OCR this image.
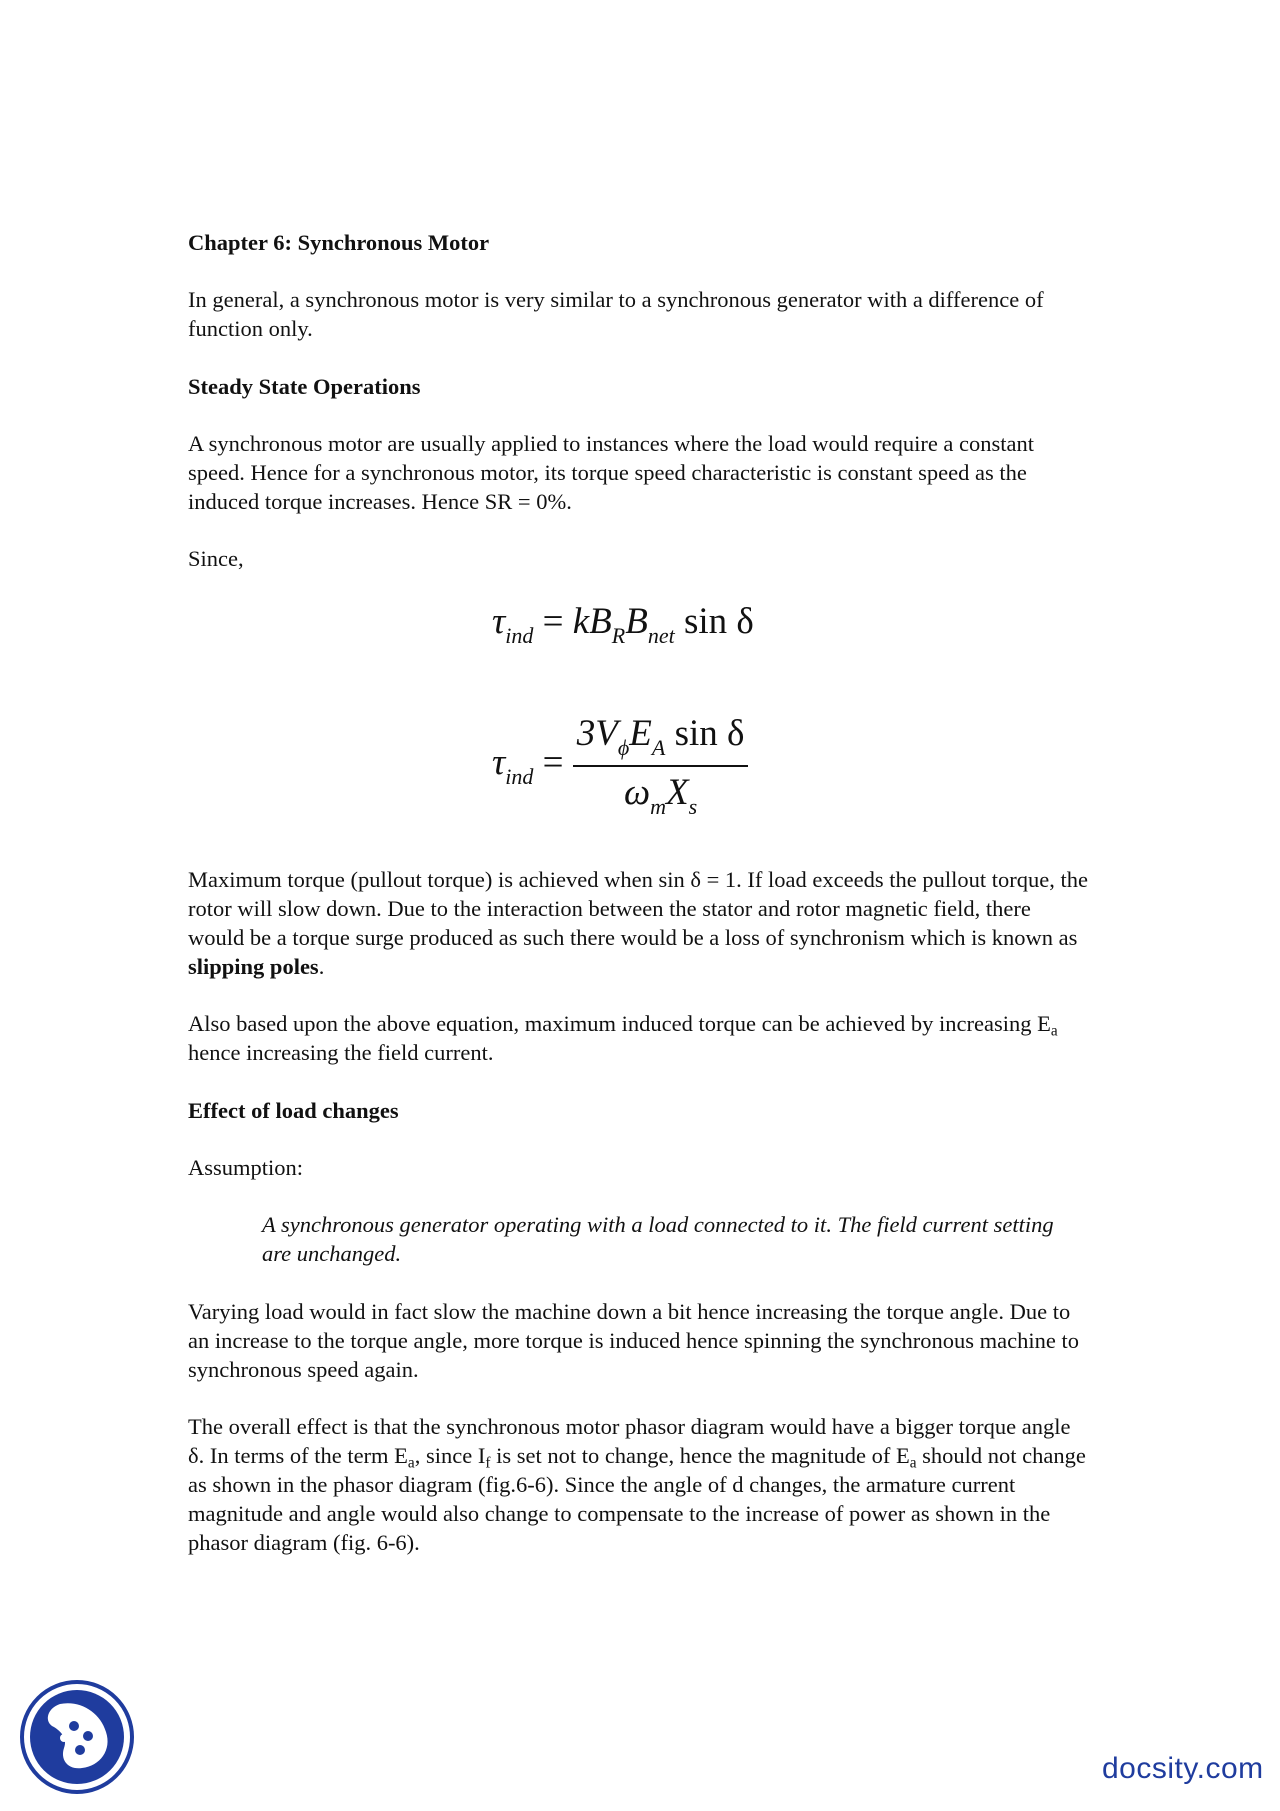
Chapter 6: Synchronous Motor
In general, a synchronous motor is very similar to a synchronous generator with a difference of function only.
Steady State Operations
A synchronous motor are usually applied to instances where the load would require a constant speed. Hence for a synchronous motor, its torque speed characteristic is constant speed as the induced torque increases. Hence SR = 0%.
Since,
$\tau_{ind} = kB_RB_{net}$ sin δ
$\tau_{ind} = \frac{3V_\phi E_A \sin \delta}{\omega_mX_s}$
Maximum torque (pullout torque) is achieved when sin δ = 1. If load exceeds the pullout torque, the rotor will slow down. Due to the interaction between the stator and rotor magnetic field, there would be a torque surge produced as such there would be a loss of synchronism which is known as slipping poles.
Also based upon the above equation, maximum induced torque can be achieved by increasing $E_a$ hence increasing the field current.
Effect of load changes
Assumption:
A synchronous generator operating with a load connected to it. The field current setting are unchanged.
Varying load would in fact slow the machine down a bit hence increasing the torque angle. Due to an increase to the torque angle, more torque is induced hence spinning the synchronous machine to synchronous speed again.
The overall effect is that the synchronous motor phasor diagram would have a bigger torque angle δ. In terms of the term $E_a$, since $I_f$ is set not to change, hence the magnitude of $E_a$ should not change as shown in the phasor diagram (fig.6-6). Since the angle of d changes, the armature current magnitude and angle would also change to compensate to the increase of power as shown in the phasor diagram (fig. 6-6).
docsity.com
